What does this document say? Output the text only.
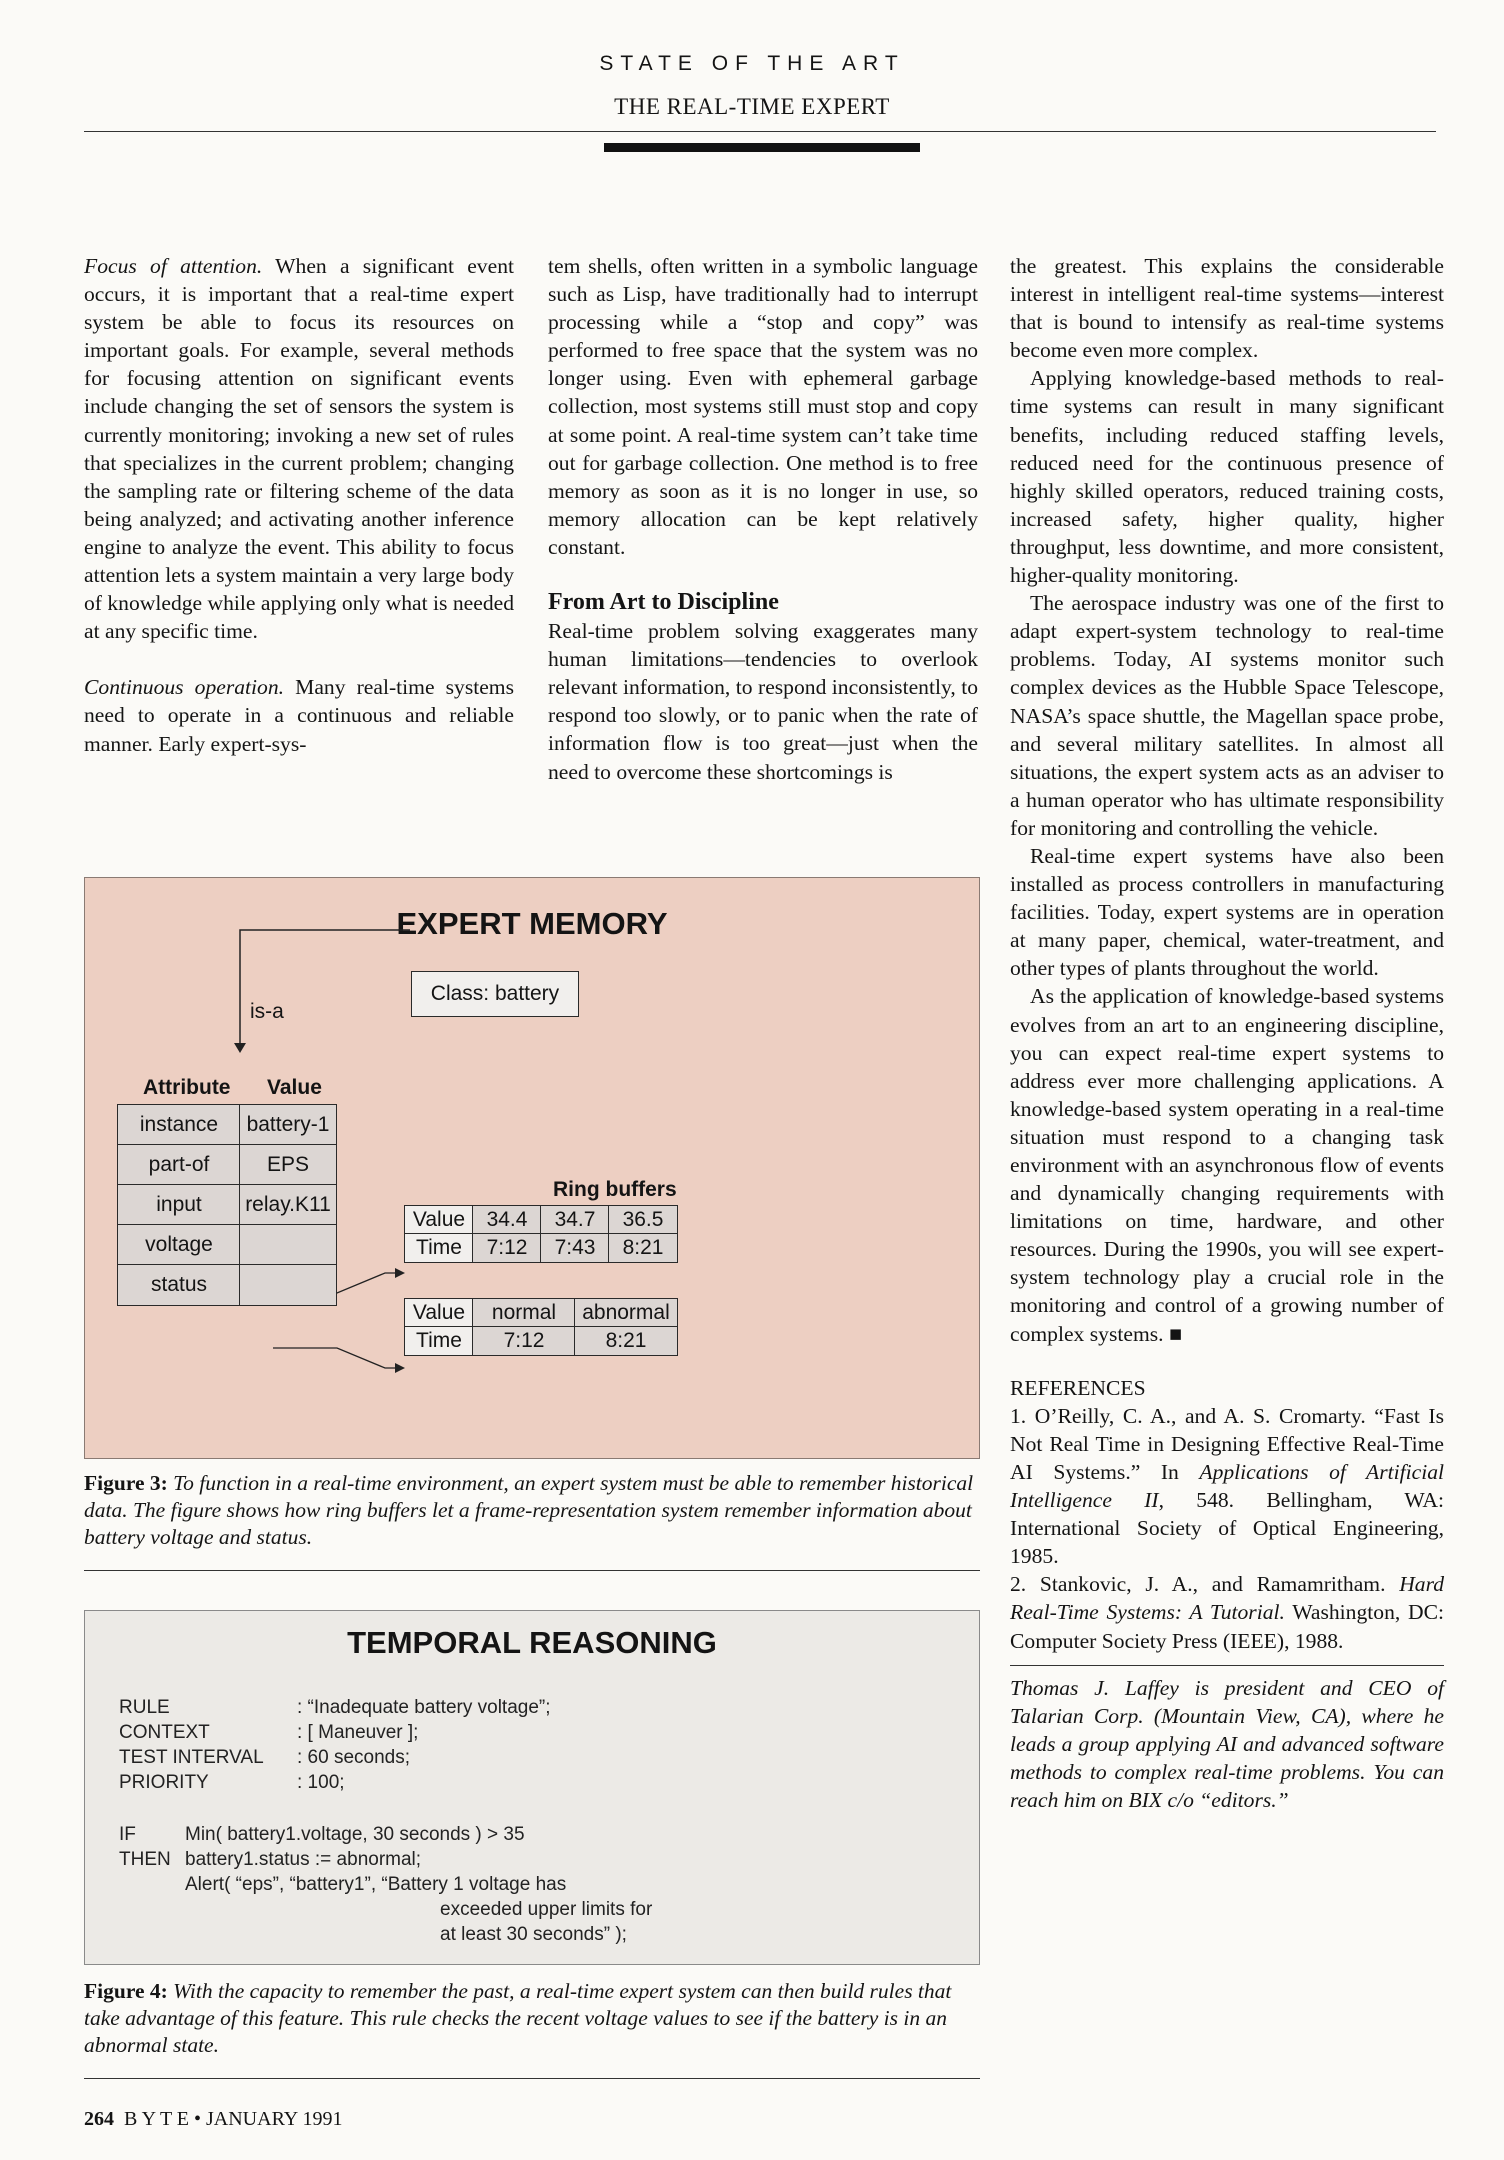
STATE OF THE ART
THE REAL-TIME EXPERT

Focus of attention. When a significant event occurs, it is important that a real-time expert system be able to focus its resources on important goals. For example, several methods for focusing attention on significant events include changing the set of sensors the system is currently monitoring; invoking a new set of rules that specializes in the current problem; changing the sampling rate or filtering scheme of the data being analyzed; and activating another inference engine to analyze the event. This ability to focus attention lets a system maintain a very large body of knowledge while applying only what is needed at any specific time.

Continuous operation. Many real-time systems need to operate in a continuous and reliable manner. Early expert-sys-

tem shells, often written in a symbolic language such as Lisp, have traditionally had to interrupt processing while a “stop and copy” was performed to free space that the system was no longer using. Even with ephemeral garbage collection, most systems still must stop and copy at some point. A real-time system can’t take time out for garbage collection. One method is to free memory as soon as it is no longer in use, so memory allocation can be kept relatively constant.

From Art to Discipline

Real-time problem solving exaggerates many human limitations—tendencies to overlook relevant information, to respond inconsistently, to respond too slowly, or to panic when the rate of information flow is too great—just when the need to overcome these shortcomings is

the greatest. This explains the considerable interest in intelligent real-time systems—interest that is bound to intensify as real-time systems become even more complex.

Applying knowledge-based methods to real-time systems can result in many significant benefits, including reduced staffing levels, reduced need for the continuous presence of highly skilled operators, reduced training costs, increased safety, higher quality, higher throughput, less downtime, and more consistent, higher-quality monitoring.

The aerospace industry was one of the first to adapt expert-system technology to real-time problems. Today, AI systems monitor such complex devices as the Hubble Space Telescope, NASA’s space shuttle, the Magellan space probe, and several military satellites. In almost all situations, the expert system acts as an adviser to a human operator who has ultimate responsibility for monitoring and controlling the vehicle.

Real-time expert systems have also been installed as process controllers in manufacturing facilities. Today, expert systems are in operation at many paper, chemical, water-treatment, and other types of plants throughout the world.

As the application of knowledge-based systems evolves from an art to an engineering discipline, you can expect real-time expert systems to address ever more challenging applications. A knowledge-based system operating in a real-time situation must respond to a changing task environment with an asynchronous flow of events and dynamically changing requirements with limitations on time, hardware, and other resources. During the 1990s, you will see expert-system technology play a crucial role in the monitoring and control of a growing number of complex systems. ■

REFERENCES

1. O’Reilly, C. A., and A. S. Cromarty. “Fast Is Not Real Time in Designing Effective Real-Time AI Systems.” In Applications of Artificial Intelligence II, 548. Bellingham, WA: International Society of Optical Engineering, 1985.

2. Stankovic, J. A., and Ramamritham. Hard Real-Time Systems: A Tutorial. Washington, DC: Computer Society Press (IEEE), 1988.

Thomas J. Laffey is president and CEO of Talarian Corp. (Mountain View, CA), where he leads a group applying AI and advanced software methods to complex real-time problems. You can reach him on BIX c/o “editors.”

EXPERT MEMORY
Class: battery
is-a
Attribute Value
instance	battery-1
part-of	EPS
input	relay.K11
voltage
status
Ring buffers
Value	34.4	34.7	36.5
Time	7:12	7:43	8:21
Value	normal	abnormal
Time	7:12	8:21
Figure 3: To function in a real-time environment, an expert system must be able to remember historical data. The figure shows how ring buffers let a frame-representation system remember information about battery voltage and status.
TEMPORAL REASONING
RULE	: “Inadequate battery voltage”;
CONTEXT	: [ Maneuver ];
TEST INTERVAL : 60 seconds;
PRIORITY	: 100;
IF	Min( battery1.voltage, 30 seconds ) > 35
THEN battery1.status := abnormal;
Alert( “eps”, “battery1”, “Battery 1 voltage has
exceeded upper limits for
at least 30 seconds” );
Figure 4: With the capacity to remember the past, a real-time expert system can then build rules that take advantage of this feature. This rule checks the recent voltage values to see if the battery is in an abnormal state.
264 B Y T E • JANUARY 1991
